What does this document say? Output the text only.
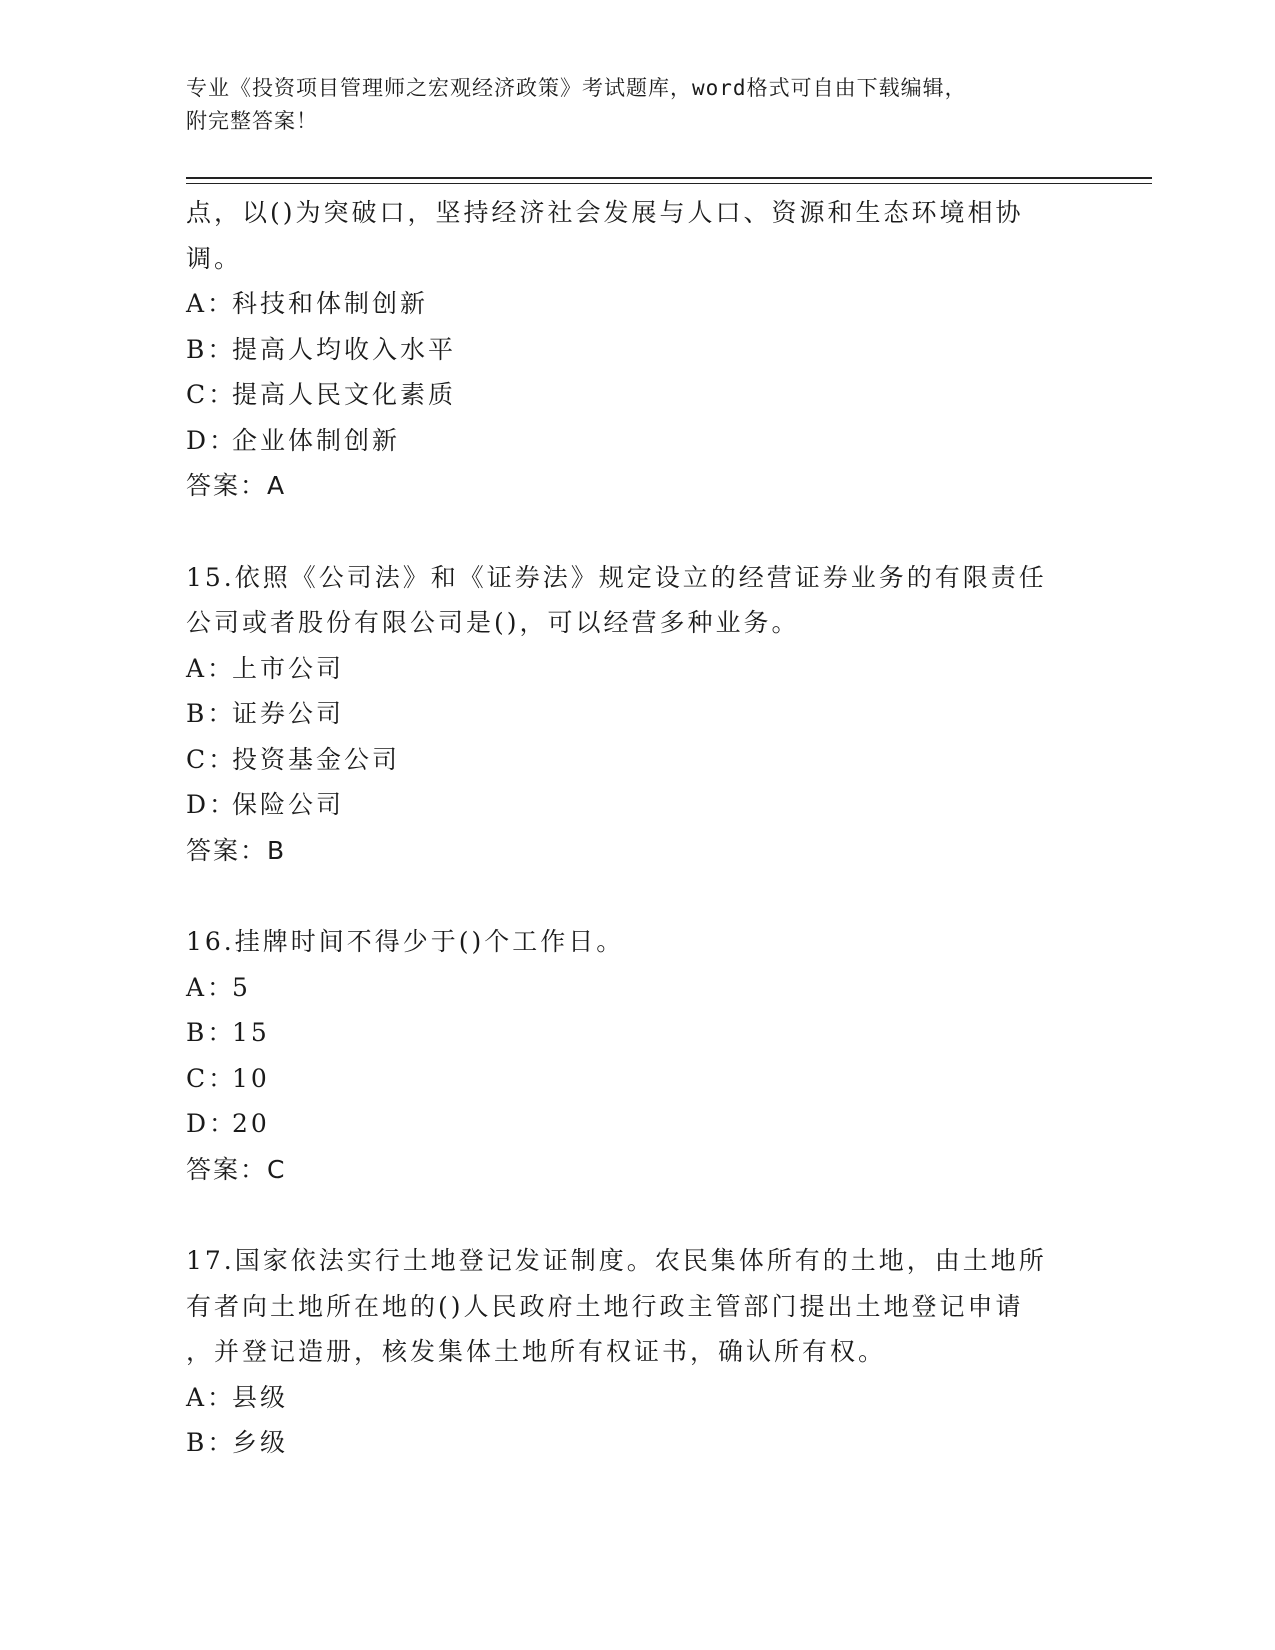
专业《投资项目管理师之宏观经济政策》考试题库，word格式可自由下载编辑，
附完整答案！
点，以()为突破口，坚持经济社会发展与人口、资源和生态环境相协
调。
A：科技和体制创新
B：提高人均收入水平
C：提高人民文化素质
D：企业体制创新
答案：A
15.依照《公司法》和《证券法》规定设立的经营证券业务的有限责任
公司或者股份有限公司是()，可以经营多种业务。
A：上市公司
B：证券公司
C：投资基金公司
D：保险公司
答案：B
16.挂牌时间不得少于()个工作日。
A：5
B：15
C：10
D：20
答案：C
17.国家依法实行土地登记发证制度。农民集体所有的土地，由土地所
有者向土地所在地的()人民政府土地行政主管部门提出土地登记申请
，并登记造册，核发集体土地所有权证书，确认所有权。
A：县级
B：乡级
